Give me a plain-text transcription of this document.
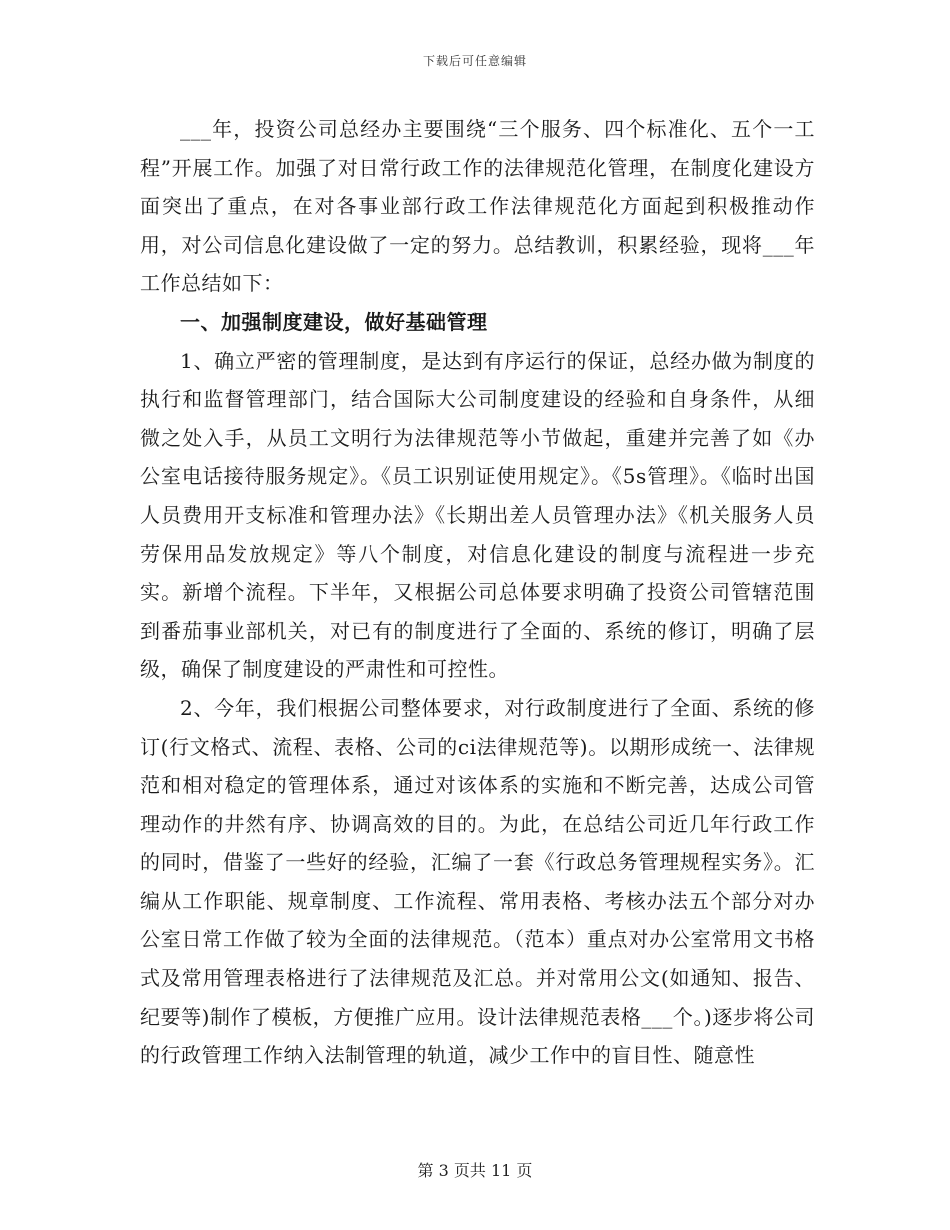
下载后可任意编辑

___年，投资公司总经办主要围绕“三个服务、四个标准化、五个一工程”开展工作。加强了对日常行政工作的法律规范化管理，在制度化建设方面突出了重点，在对各事业部行政工作法律规范化方面起到积极推动作用，对公司信息化建设做了一定的努力。总结教训，积累经验，现将___年工作总结如下：

一、加强制度建设，做好基础管理

1、确立严密的管理制度，是达到有序运行的保证，总经办做为制度的执行和监督管理部门，结合国际大公司制度建设的经验和自身条件，从细微之处入手，从员工文明行为法律规范等小节做起，重建并完善了如《办公室电话接待服务规定》。《员工识别证使用规定》。《5s管理》。《临时出国人员费用开支标准和管理办法》《长期出差人员管理办法》《机关服务人员劳保用品发放规定》等八个制度，对信息化建设的制度与流程进一步充实。新增个流程。下半年，又根据公司总体要求明确了投资公司管辖范围到番茄事业部机关，对已有的制度进行了全面的、系统的修订，明确了层级，确保了制度建设的严肃性和可控性。

2、今年，我们根据公司整体要求，对行政制度进行了全面、系统的修订(行文格式、流程、表格、公司的ci法律规范等)。以期形成统一、法律规范和相对稳定的管理体系，通过对该体系的实施和不断完善，达成公司管理动作的井然有序、协调高效的目的。为此，在总结公司近几年行政工作的同时，借鉴了一些好的经验，汇编了一套《行政总务管理规程实务》。汇编从工作职能、规章制度、工作流程、常用表格、考核办法五个部分对办公室日常工作做了较为全面的法律规范。（范本）重点对办公室常用文书格式及常用管理表格进行了法律规范及汇总。并对常用公文(如通知、报告、纪要等)制作了模板，方便推广应用。设计法律规范表格___个。)逐步将公司的行政管理工作纳入法制管理的轨道，减少工作中的盲目性、随意性

第 3 页共 11 页
